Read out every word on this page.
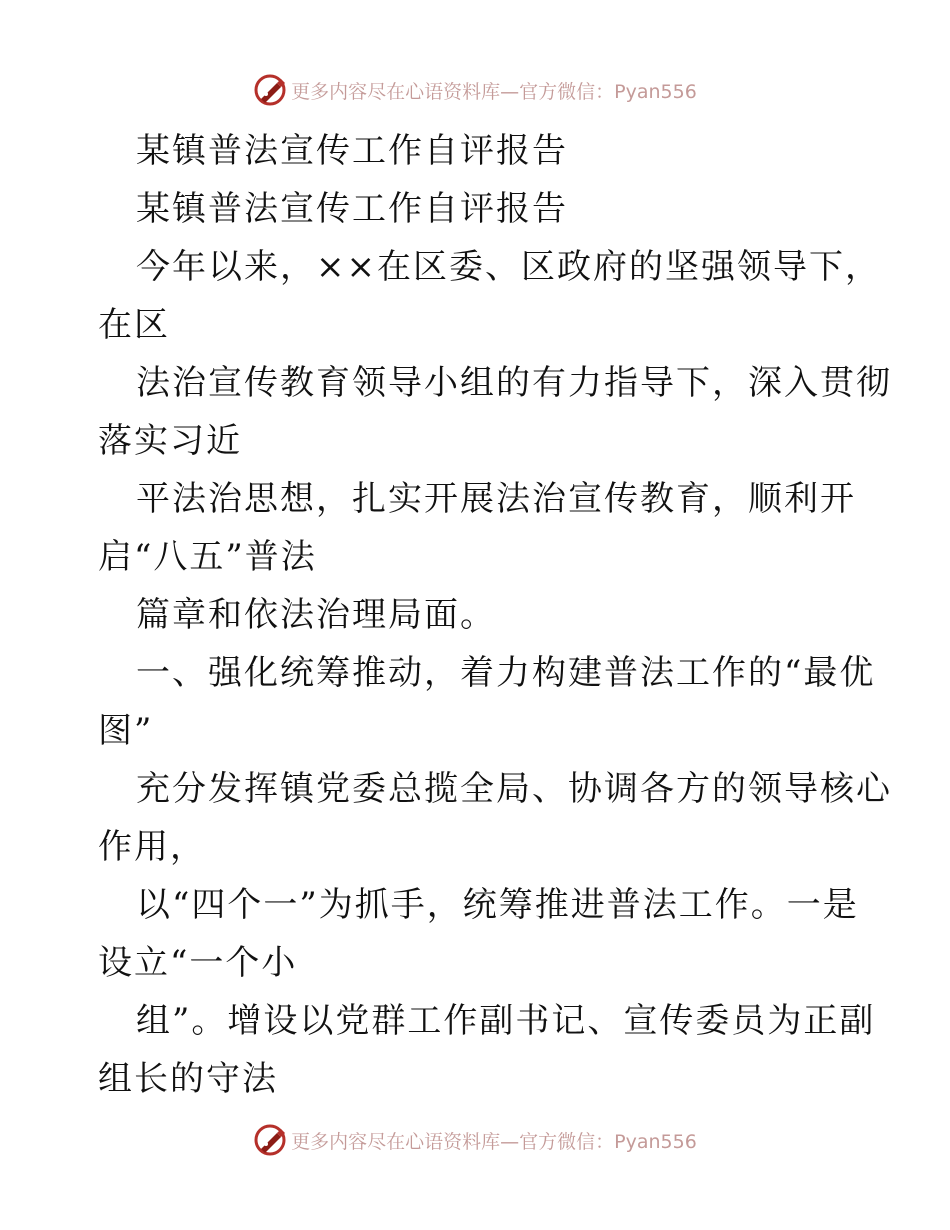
更多内容尽在心语资料库—官方微信：Pyan556
某镇普法宣传工作自评报告
某镇普法宣传工作自评报告
今年以来，××在区委、区政府的坚强领导下，
在区
法治宣传教育领导小组的有力指导下，深入贯彻
落实习近
平法治思想，扎实开展法治宣传教育，顺利开
启“八五”普法
篇章和依法治理局面。
一、强化统筹推动，着力构建普法工作的“最优
图”
充分发挥镇党委总揽全局、协调各方的领导核心
作用，
以“四个一”为抓手，统筹推进普法工作。一是
设立“一个小
组”。增设以党群工作副书记、宣传委员为正副
组长的守法
更多内容尽在心语资料库—官方微信：Pyan556
